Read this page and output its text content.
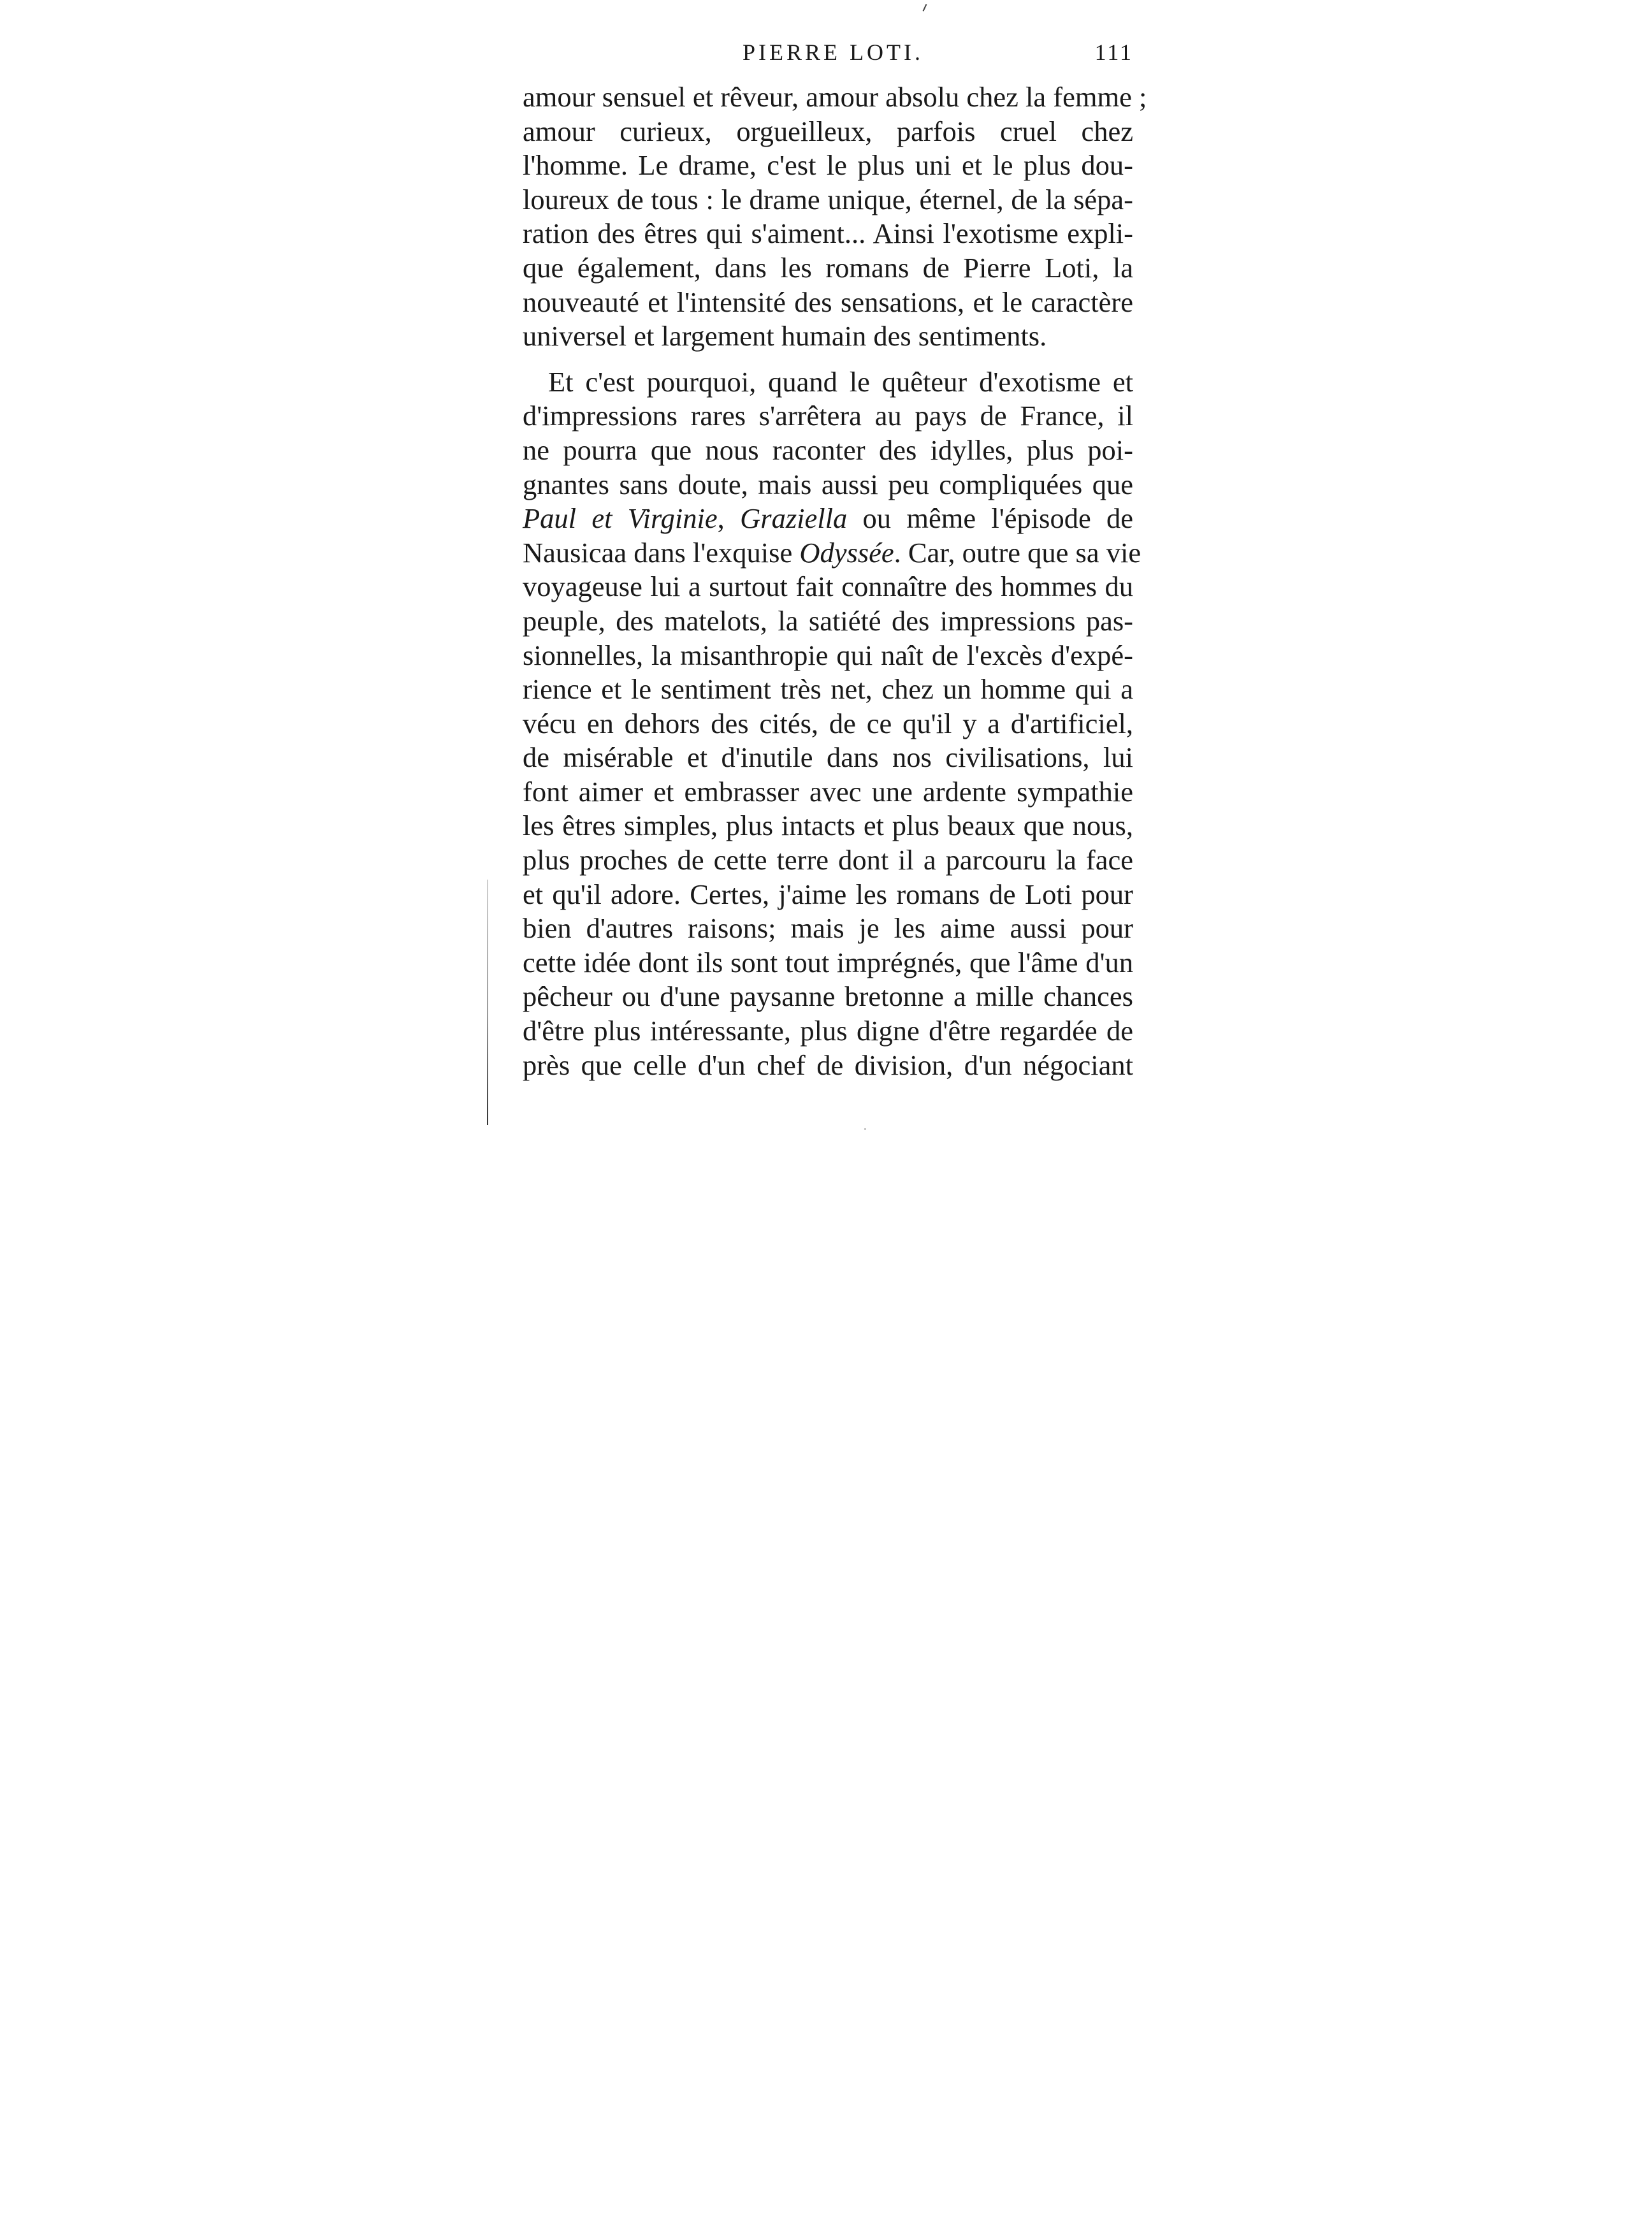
PIERRE LOTI.	111
amour sensuel et rêveur, amour absolu chez la femme ;
amour curieux, orgueilleux, parfois cruel chez
l'homme. Le drame, c'est le plus uni et le plus dou-
loureux de tous : le drame unique, éternel, de la sépa-
ration des êtres qui s'aiment... Ainsi l'exotisme expli-
que également, dans les romans de Pierre Loti, la
nouveauté et l'intensité des sensations, et le caractère
universel et largement humain des sentiments.
Et c'est pourquoi, quand le quêteur d'exotisme et
d'impressions rares s'arrêtera au pays de France, il
ne pourra que nous raconter des idylles, plus poi-
gnantes sans doute, mais aussi peu compliquées que
Paul et Virginie, Graziella ou même l'épisode de
Nausicaa dans l'exquise Odyssée. Car, outre que sa vie
voyageuse lui a surtout fait connaître des hommes du
peuple, des matelots, la satiété des impressions pas-
sionnelles, la misanthropie qui naît de l'excès d'expé-
rience et le sentiment très net, chez un homme qui a
vécu en dehors des cités, de ce qu'il y a d'artificiel,
de misérable et d'inutile dans nos civilisations, lui
font aimer et embrasser avec une ardente sympathie
les êtres simples, plus intacts et plus beaux que nous,
plus proches de cette terre dont il a parcouru la face
et qu'il adore. Certes, j'aime les romans de Loti pour
bien d'autres raisons; mais je les aime aussi pour
cette idée dont ils sont tout imprégnés, que l'âme d'un
pêcheur ou d'une paysanne bretonne a mille chances
d'être plus intéressante, plus digne d'être regardée de
près que celle d'un chef de division, d'un négociant
